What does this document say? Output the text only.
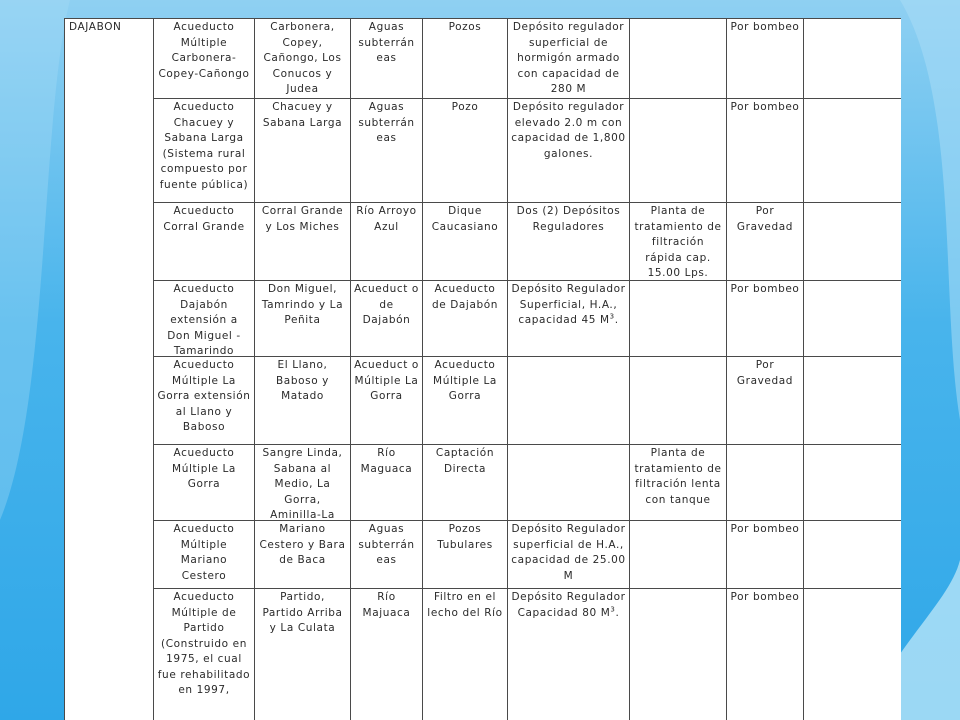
DAJABON	Acueducto Múltiple Carbonera-Copey-Cañongo	Carbonera, Copey, Cañongo, Los Conucos y Judea	Aguas subterrán eas	Pozos	Depósito regulador superficial de hormigón armado con capacidad de 280 M		Por bombeo	

	Acueducto Chacuey y Sabana Larga (Sistema rural compuesto por fuente pública)	Chacuey y Sabana Larga	Aguas subterrán eas	Pozo	Depósito regulador elevado 2.0 m con capacidad de 1,800 galones.		Por bombeo	

	Acueducto Corral Grande	Corral Grande y Los Miches	Río Arroyo Azul	Dique Caucasiano	Dos (2) Depósitos Reguladores	Planta de tratamiento de filtración rápida cap. 15.00 Lps.	Por Gravedad	

	Acueducto Dajabón extensión a Don Miguel - Tamarindo	Don Miguel, Tamrindo y La Peñita	Acueduct o de Dajabón	Acueducto de Dajabón	Depósito Regulador Superficial, H.A., capacidad 45 $M^3$.		Por bombeo	

	Acueducto Múltiple La Gorra extensión al Llano y Baboso	El Llano, Baboso y Matado	Acueduct o Múltiple La Gorra	Acueducto Múltiple La Gorra			Por Gravedad	

	Acueducto Múltiple La Gorra	Sangre Linda, Sabana al Medio, La Gorra, Aminilla-La	Río Maguaca	Captación Directa		Planta de tratamiento de filtración lenta con tanque		

	Acueducto Múltiple Mariano Cestero	Mariano Cestero y Bara de Baca	Aguas subterrán eas	Pozos Tubulares	Depósito Regulador superficial de H.A., capacidad de 25.00 M		Por bombeo	

	Acueducto Múltiple de Partido (Construido en 1975, el cual fue rehabilitado en 1997,	Partido, Partido Arriba y La Culata	Río Majuaca	Filtro en el lecho del Río	Depósito Regulador Capacidad 80 $M^3$.		Por bombeo	
